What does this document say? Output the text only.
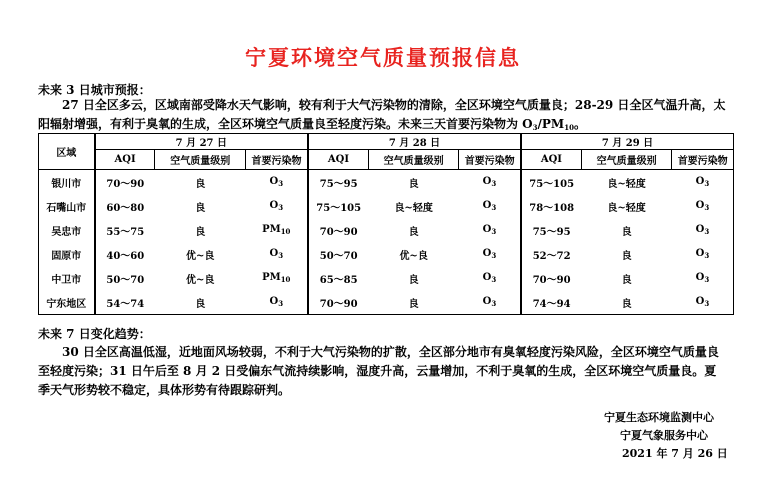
宁夏环境空气质量预报信息
未来 3 日城市预报：
27 日全区多云，区域南部受降水天气影响，较有利于大气污染物的清除，全区环境空气质量良；28-29 日全区气温升高，太阳辐射增强，有利于臭氧的生成，全区环境空气质量良至轻度污染。未来三天首要污染物为 $O_3/PM_{10}$。
区域	7 月 27 日			7 月 28 日			7 月 29 日		
	AQI	空气质量级别	首要污染物	AQI	空气质量级别	首要污染物	AQI	空气质量级别	首要污染物
银川市	70～90	良	$O_3$	75～95	良	$O_3$	75～105	良~轻度	$O_3$
石嘴山市	60～80	良	$O_3$	75～105	良~轻度	$O_3$	78～108	良~轻度	$O_3$
吴忠市	55～75	良	$PM_{10}$	70～90	良	$O_3$	75～95	良	$O_3$
固原市	40～60	优~良	$O_3$	50～70	优~良	$O_3$	52～72	良	$O_3$
中卫市	50～70	优~良	$PM_{10}$	65～85	良	$O_3$	70～90	良	$O_3$
宁东地区	54～74	良	$O_3$	70～90	良	$O_3$	74～94	良	$O_3$
未来 7 日变化趋势：
30 日全区高温低湿，近地面风场较弱，不利于大气污染物的扩散，全区部分地市有臭氧轻度污染风险，全区环境空气质量良至轻度污染；31 日午后至 8 月 2 日受偏东气流持续影响，湿度升高，云量增加，不利于臭氧的生成，全区环境空气质量良。夏季天气形势较不稳定，具体形势有待跟踪研判。
宁夏生态环境监测中心
宁夏气象服务中心
2021 年 7 月 26 日
